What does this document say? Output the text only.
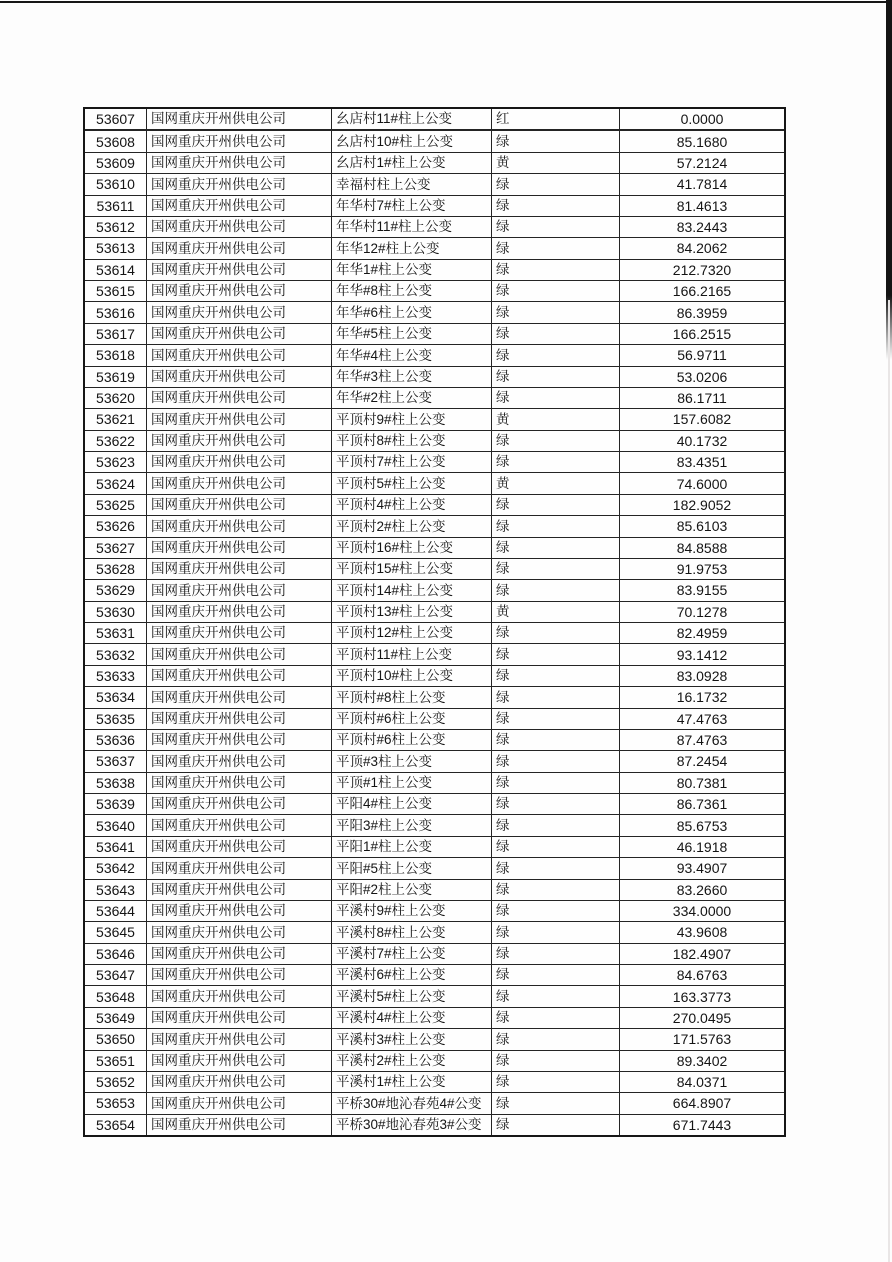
53607	国网重庆开州供电公司	幺店村11#柱上公变	红	0.0000
53608	国网重庆开州供电公司	幺店村10#柱上公变	绿	85.1680
53609	国网重庆开州供电公司	幺店村1#柱上公变	黄	57.2124
53610	国网重庆开州供电公司	幸福村柱上公变	绿	41.7814
53611	国网重庆开州供电公司	年华村7#柱上公变	绿	81.4613
53612	国网重庆开州供电公司	年华村11#柱上公变	绿	83.2443
53613	国网重庆开州供电公司	年华12#柱上公变	绿	84.2062
53614	国网重庆开州供电公司	年华1#柱上公变	绿	212.7320
53615	国网重庆开州供电公司	年华#8柱上公变	绿	166.2165
53616	国网重庆开州供电公司	年华#6柱上公变	绿	86.3959
53617	国网重庆开州供电公司	年华#5柱上公变	绿	166.2515
53618	国网重庆开州供电公司	年华#4柱上公变	绿	56.9711
53619	国网重庆开州供电公司	年华#3柱上公变	绿	53.0206
53620	国网重庆开州供电公司	年华#2柱上公变	绿	86.1711
53621	国网重庆开州供电公司	平顶村9#柱上公变	黄	157.6082
53622	国网重庆开州供电公司	平顶村8#柱上公变	绿	40.1732
53623	国网重庆开州供电公司	平顶村7#柱上公变	绿	83.4351
53624	国网重庆开州供电公司	平顶村5#柱上公变	黄	74.6000
53625	国网重庆开州供电公司	平顶村4#柱上公变	绿	182.9052
53626	国网重庆开州供电公司	平顶村2#柱上公变	绿	85.6103
53627	国网重庆开州供电公司	平顶村16#柱上公变	绿	84.8588
53628	国网重庆开州供电公司	平顶村15#柱上公变	绿	91.9753
53629	国网重庆开州供电公司	平顶村14#柱上公变	绿	83.9155
53630	国网重庆开州供电公司	平顶村13#柱上公变	黄	70.1278
53631	国网重庆开州供电公司	平顶村12#柱上公变	绿	82.4959
53632	国网重庆开州供电公司	平顶村11#柱上公变	绿	93.1412
53633	国网重庆开州供电公司	平顶村10#柱上公变	绿	83.0928
53634	国网重庆开州供电公司	平顶村#8柱上公变	绿	16.1732
53635	国网重庆开州供电公司	平顶村#6柱上公变	绿	47.4763
53636	国网重庆开州供电公司	平顶村#6柱上公变	绿	87.4763
53637	国网重庆开州供电公司	平顶#3柱上公变	绿	87.2454
53638	国网重庆开州供电公司	平顶#1柱上公变	绿	80.7381
53639	国网重庆开州供电公司	平阳4#柱上公变	绿	86.7361
53640	国网重庆开州供电公司	平阳3#柱上公变	绿	85.6753
53641	国网重庆开州供电公司	平阳1#柱上公变	绿	46.1918
53642	国网重庆开州供电公司	平阳#5柱上公变	绿	93.4907
53643	国网重庆开州供电公司	平阳#2柱上公变	绿	83.2660
53644	国网重庆开州供电公司	平溪村9#柱上公变	绿	334.0000
53645	国网重庆开州供电公司	平溪村8#柱上公变	绿	43.9608
53646	国网重庆开州供电公司	平溪村7#柱上公变	绿	182.4907
53647	国网重庆开州供电公司	平溪村6#柱上公变	绿	84.6763
53648	国网重庆开州供电公司	平溪村5#柱上公变	绿	163.3773
53649	国网重庆开州供电公司	平溪村4#柱上公变	绿	270.0495
53650	国网重庆开州供电公司	平溪村3#柱上公变	绿	171.5763
53651	国网重庆开州供电公司	平溪村2#柱上公变	绿	89.3402
53652	国网重庆开州供电公司	平溪村1#柱上公变	绿	84.0371
53653	国网重庆开州供电公司	平桥30#地沁春苑4#公变	绿	664.8907
53654	国网重庆开州供电公司	平桥30#地沁春苑3#公变	绿	671.7443
